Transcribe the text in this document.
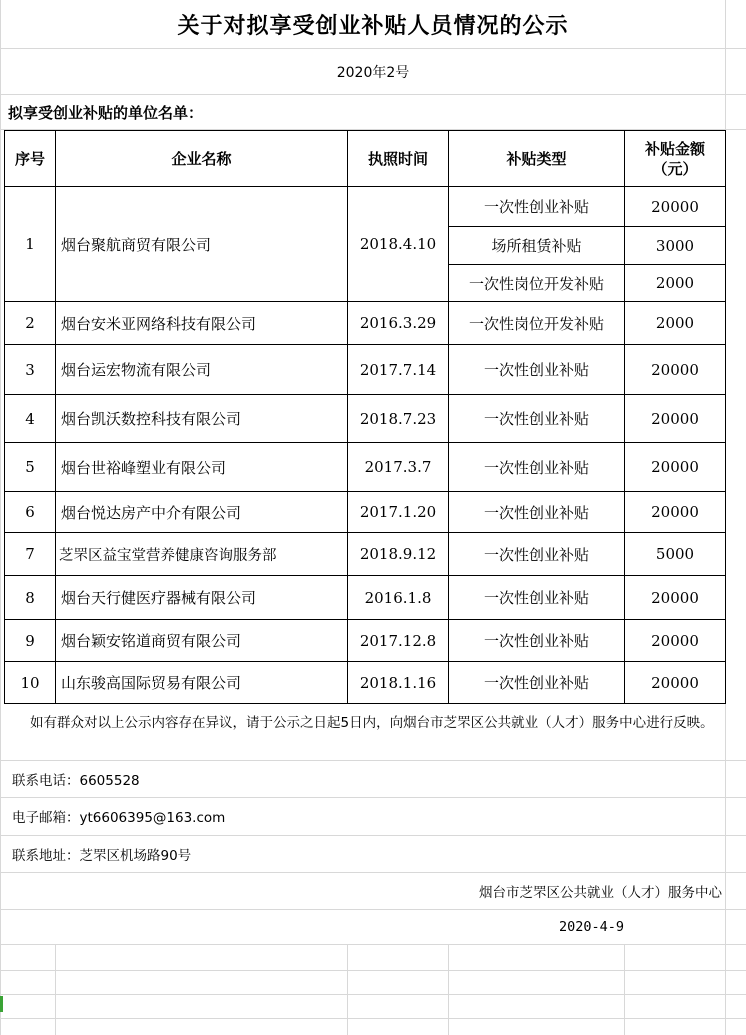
关于对拟享受创业补贴人员情况的公示
2020年2号
拟享受创业补贴的单位名单：
序号	企业名称	执照时间	补贴类型	补贴金额（元）
1	烟台聚航商贸有限公司	2018.4.10	一次性创业补贴	20000
			场所租赁补贴	3000
			一次性岗位开发补贴	2000
2	烟台安米亚网络科技有限公司	2016.3.29	一次性岗位开发补贴	2000
3	烟台运宏物流有限公司	2017.7.14	一次性创业补贴	20000
4	烟台凯沃数控科技有限公司	2018.7.23	一次性创业补贴	20000
5	烟台世裕峰塑业有限公司	2017.3.7	一次性创业补贴	20000
6	烟台悦达房产中介有限公司	2017.1.20	一次性创业补贴	20000
7	芝罘区益宝堂营养健康咨询服务部	2018.9.12	一次性创业补贴	5000
8	烟台天行健医疗器械有限公司	2016.1.8	一次性创业补贴	20000
9	烟台颖安铭道商贸有限公司	2017.12.8	一次性创业补贴	20000
10	山东骏高国际贸易有限公司	2018.1.16	一次性创业补贴	20000
如有群众对以上公示内容存在异议，请于公示之日起5日内，向烟台市芝罘区公共就业（人才）服务中心进行反映。
联系电话：6605528
电子邮箱：yt6606395@163.com
联系地址：芝罘区机场路90号
烟台市芝罘区公共就业（人才）服务中心
2020-4-9
